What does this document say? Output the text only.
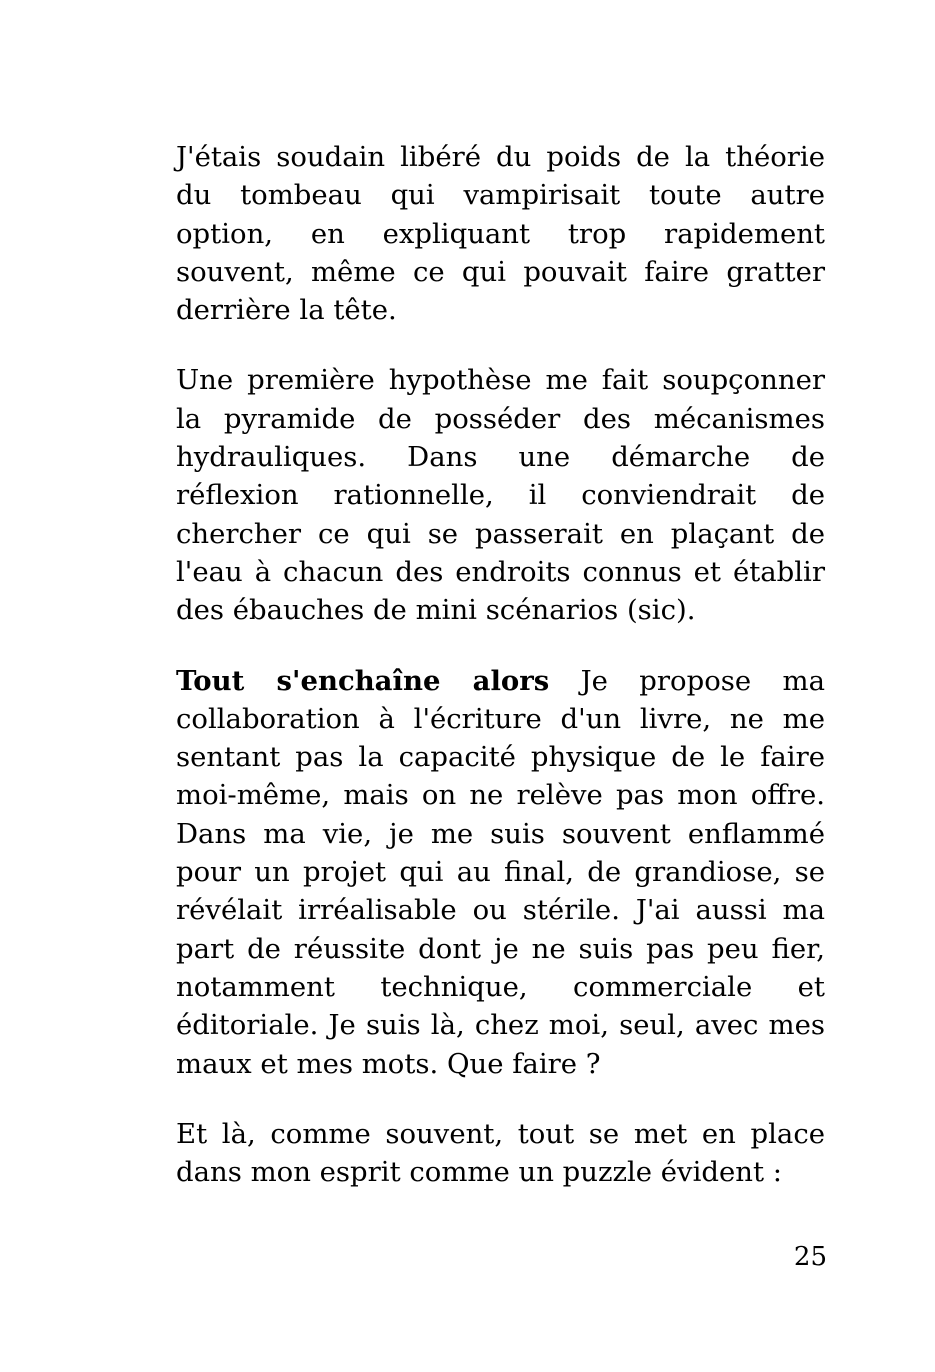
J'étais soudain libéré du poids de la théorie du tombeau qui vampirisait toute autre option, en expliquant trop rapidement souvent, même ce qui pouvait faire gratter derrière la tête.

Une première hypothèse me fait soupçonner la pyramide de posséder des mécanismes hydrauliques. Dans une démarche de réflexion rationnelle, il conviendrait de chercher ce qui se passerait en plaçant de l'eau à chacun des endroits connus et établir des ébauches de mini scénarios (sic).

Tout s'enchaîne alors Je propose ma collaboration à l'écriture d'un livre, ne me sentant pas la capacité physique de le faire moi-même, mais on ne relève pas mon offre. Dans ma vie, je me suis souvent enflammé pour un projet qui au final, de grandiose, se révélait irréalisable ou stérile. J'ai aussi ma part de réussite dont je ne suis pas peu fier, notamment technique, commerciale et éditoriale. Je suis là, chez moi, seul, avec mes maux et mes mots. Que faire ?

Et là, comme souvent, tout se met en place dans mon esprit comme un puzzle évident :

25
